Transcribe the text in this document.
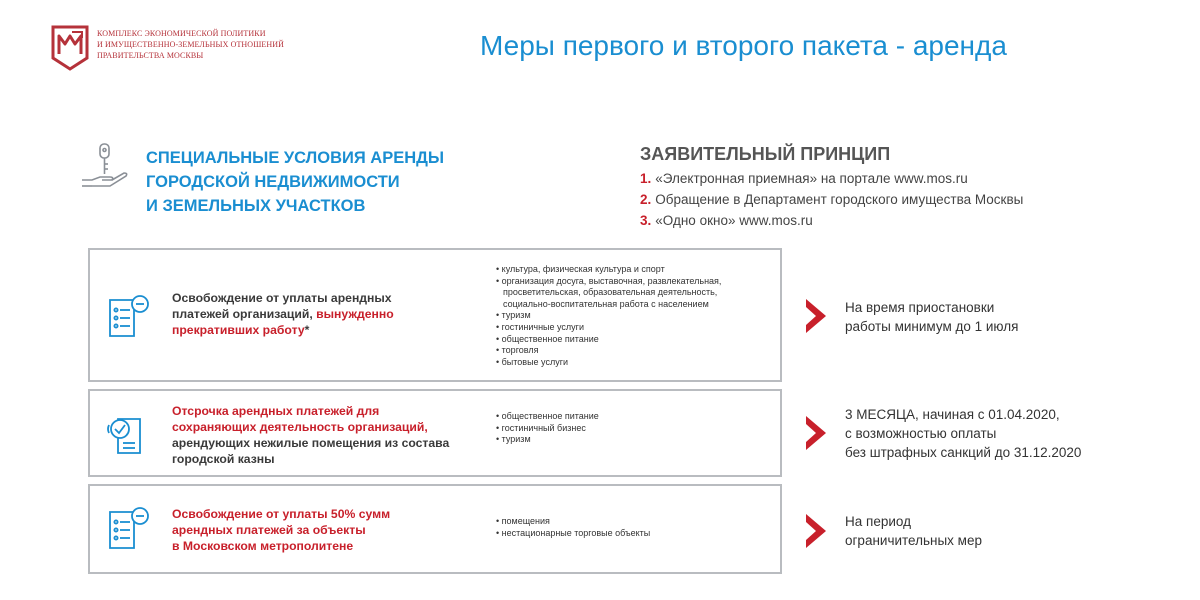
КОМПЛЕКС ЭКОНОМИЧЕСКОЙ ПОЛИТИКИ
И ИМУЩЕСТВЕННО-ЗЕМЕЛЬНЫХ ОТНОШЕНИЙ
ПРАВИТЕЛЬСТВА МОСКВЫ	Меры первого и второго пакета - аренда
СПЕЦИАЛЬНЫЕ УСЛОВИЯ АРЕНДЫ
ГОРОДСКОЙ НЕДВИЖИМОСТИ
И ЗЕМЕЛЬНЫХ УЧАСТКОВ
ЗАЯВИТЕЛЬНЫЙ ПРИНЦИП
1. «Электронная приемная» на портале www.mos.ru
2. Обращение в Департамент городского имущества Москвы
3. «Одно окно» www.mos.ru
Освобождение от уплаты арендных
платежей организаций, вынужденно
прекративших работу*
• культура, физическая культура и спорт
• организация досуга, выставочная, развлекательная,
просветительская, образовательная деятельность,
социально-воспитательная работа с населением
• туризм
• гостиничные услуги
• общественное питание
• торговля
• бытовые услуги
Отсрочка арендных платежей для
сохраняющих деятельность организаций,
арендующих нежилые помещения из состава
городской казны
• общественное питание
• гостиничный бизнес
• туризм
Освобождение от уплаты 50% сумм
арендных платежей за объекты
в Московском метрополитене
• помещения
• нестационарные торговые объекты
На время приостановки
работы минимум до 1 июля
3 МЕСЯЦА, начиная с 01.04.2020,
с возможностью оплаты
без штрафных санкций до 31.12.2020
На период
ограничительных мер
